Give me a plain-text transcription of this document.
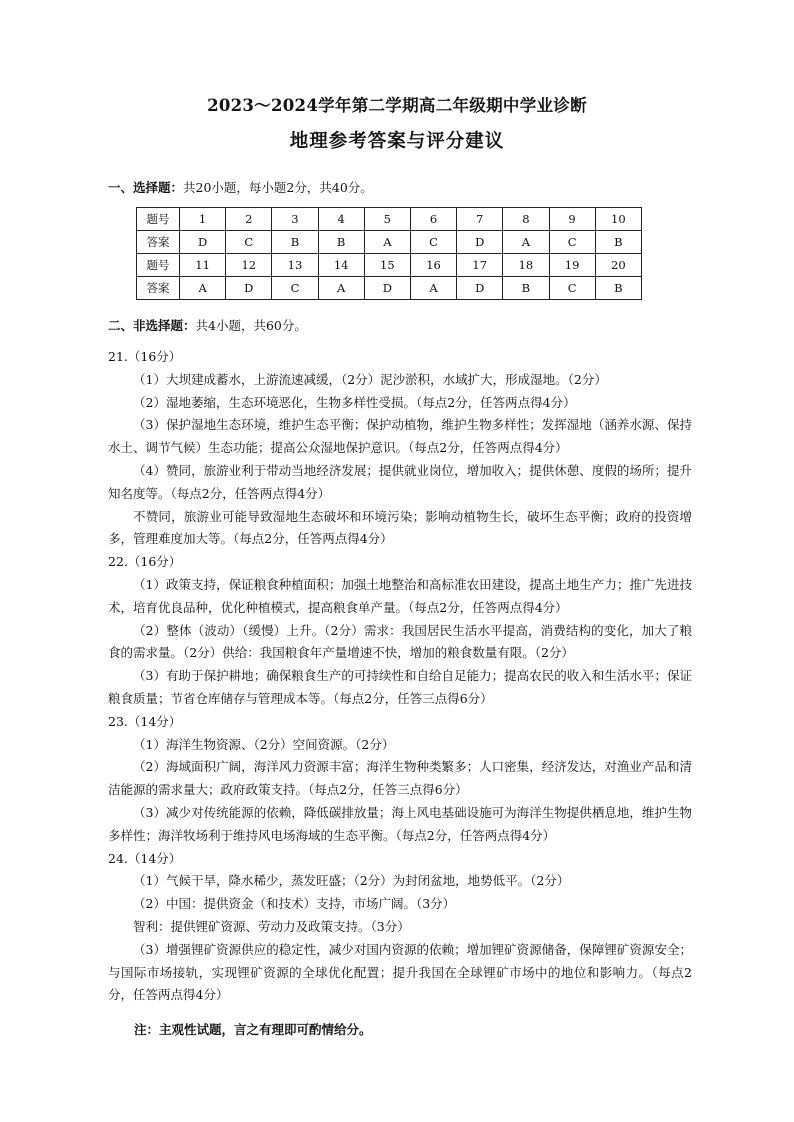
2023～2024学年第二学期高二年级期中学业诊断
地理参考答案与评分建议
一、选择题：共20小题，每小题2分，共40分。
题号	1	2	3	4	5	6	7	8	9	10
答案	D	C	B	B	A	C	D	A	C	B
题号	11	12	13	14	15	16	17	18	19	20
答案	A	D	C	A	D	A	D	B	C	B
二、非选择题：共4小题，共60分。

21.（16分）

（1）大坝建成蓄水，上游流速减缓，（2分）泥沙淤积，水域扩大，形成湿地。（2分）

（2）湿地萎缩，生态环境恶化，生物多样性受损。（每点2分，任答两点得4分）

（3）保护湿地生态环境，维护生态平衡；保护动植物，维护生物多样性；发挥湿地（涵养水源、保持水土、调节气候）生态功能；提高公众湿地保护意识。（每点2分，任答两点得4分）

（4）赞同，旅游业利于带动当地经济发展；提供就业岗位，增加收入；提供休憩、度假的场所；提升知名度等。（每点2分，任答两点得4分）

不赞同，旅游业可能导致湿地生态破坏和环境污染；影响动植物生长，破坏生态平衡；政府的投资增多，管理难度加大等。（每点2分，任答两点得4分）

22.（16分）

（1）政策支持，保证粮食种植面积；加强土地整治和高标准农田建设，提高土地生产力；推广先进技术，培育优良品种，优化种植模式，提高粮食单产量。（每点2分，任答两点得4分）

（2）整体（波动）（缓慢）上升。（2分）需求：我国居民生活水平提高，消费结构的变化，加大了粮食的需求量。（2分）供给：我国粮食年产量增速不快，增加的粮食数量有限。（2分）

（3）有助于保护耕地；确保粮食生产的可持续性和自给自足能力；提高农民的收入和生活水平；保证粮食质量；节省仓库储存与管理成本等。（每点2分，任答三点得6分）

23.（14分）

（1）海洋生物资源、（2分）空间资源。（2分）

（2）海域面积广阔，海洋风力资源丰富；海洋生物种类繁多；人口密集，经济发达，对渔业产品和清洁能源的需求量大；政府政策支持。（每点2分，任答三点得6分）

（3）减少对传统能源的依赖，降低碳排放量；海上风电基础设施可为海洋生物提供栖息地，维护生物多样性；海洋牧场利于维持风电场海域的生态平衡。（每点2分，任答两点得4分）

24.（14分）

（1）气候干旱，降水稀少，蒸发旺盛；（2分）为封闭盆地，地势低平。（2分）

（2）中国：提供资金（和技术）支持，市场广阔。（3分）

智利：提供锂矿资源、劳动力及政策支持。（3分）

（3）增强锂矿资源供应的稳定性，减少对国内资源的依赖；增加锂矿资源储备，保障锂矿资源安全；与国际市场接轨，实现锂矿资源的全球优化配置；提升我国在全球锂矿市场中的地位和影响力。（每点2分，任答两点得4分）

注：主观性试题，言之有理即可酌情给分。
